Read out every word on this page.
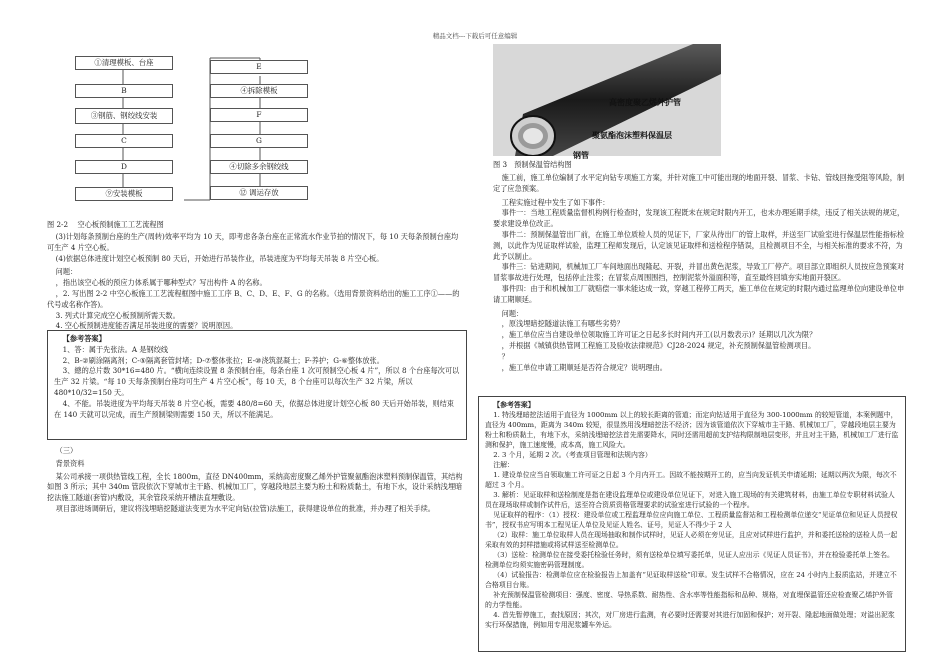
精品文档---下载后可任意编辑
①清理模板、台座
B
③钢筋、钢绞线安装
C
D
⑨安装模板
E
④拆除模板
F
G
④切除多余钢绞线
⑫ 调运存放
图 2-2　 空心板预制施工工艺流程图

(3)计划每条预制台座的生产(周转)效率平均为 10 天，即考虑各条台座在正常流水作业节拍的情况下，每 10 天每条预制台座均可生产 4 片空心板。

(4)依据总体进度计划空心板预制 80 天后，开始进行吊装作业，吊装进度为平均每天吊装 8 片空心板。

问题：

，指出该空心板的预应力体系属于哪种型式？写出构件 A 的名称。

，2. 写出图 2-2 中空心板施工工艺流程框图中施工工序 B、C、D、E、F、G 的名称。（选用背景资料给出的施工工序①——的代号或名称作答)。

3. 列式计算完成空心板预制所需天数。

4. 空心板预制进度能否满足吊装进度的需要？说明原因。

【参考答案】

1、答：属于先张法。A 是钢绞线

2、B-②刷涂隔离剂；C-⑤隔离套管封堵；D-⑦整体张拉；E-⑩浇筑混凝土；F-养护；G-⑥整体放张。

3、總的总片数 30*16=480 片。“横向连续设置 8 条预制台座，每条台座 1 次可预制空心板 4 片”，所以 8 个台座每次可以生产 32 片梁。“每 10 天每条预制台座均可生产 4 片空心板”，每 10 天，8 个台座可以每次生产 32 片梁，所以 480*10/32=150 天。

4、不能。吊装进度为平均每天吊装 8 片空心板，需要 480/8=60 天，依据总体进度计划空心板 80 天后开始吊装，则结束在 140 天就可以完成，而生产预制梁则需要 150 天，所以不能满足。

（三）

背景资料

某公司承接一项供热管线工程，全长 1800m，直径 DN400mm，采纳高密度聚乙烯外护管聚氨酯泡沫塑料预制保温管，其结构如图 3 所示；其中 340m 管段依次下穿城市主干路、机械加工厂，穿越段地层主要为粉土和粉质黏土，有地下水，设计采纳浅埋暗挖法施工隧道(套管)内敷设，其余管段采纳开槽法直埋敷设。

项目部进场调研后，建议将浅埋暗挖隧道法变更为水平定向钻(拉管)法施工，获得建设单位的批准，并办理了相关手续。

高密度聚乙烯外护管
聚氨酯泡沫塑料保温层
钢管
图 3　预制保温管结构图

施工前，施工单位编制了水平定向钻专项施工方案，并针对施工中可能出现的地面开裂、冒浆、卡钻、管线回拖受阻等风险，制定了应急预案。

工程实施过程中发生了如下事件：

事件一：当地工程质量监督机构例行检查时，发现该工程既未在规定时限内开工，也未办理延期手续，违反了相关法规的规定，要求建设单位改正。

事件二：预制保温管出厂前，在施工单位质检人员的见证下，厂家从待出厂的管上取样，并送至厂试验室进行保温层性能指标检测，以此作为见证取样试验，监理工程师发现后，认定该见证取样和送检程序错误，且检测项目不全，与相关标准的要求不符，为此予以制止。

事件三：钻进期间，机械加工厂车间地面出现隆起、开裂，并冒出黄色泥浆，导致工厂停产。项目部立即组织人员按应急预案对冒浆事故进行处理，包括停止注浆；在冒浆点周围围挡，控制泥浆外溢面积等，直至最终回填夯实地面开裂区。

事件四：由于和机械加工厂就赔偿一事未能达成一致，穿越工程停工两天，施工单位在规定的时限内通过监理单位向建设单位申请工期顺延。

问题：

，原浅埋暗挖隧道法施工有哪些劣势？

，施工单位应当自建设单位领取施工许可证之日起多长时间内开工(以月数表示)？延期以几次为限？

，并根据《城镇供热管网工程施工及验收法律规范》CJ28-2024 规定，补充预制保温管检测项目。

？

，施工单位申请工期顺延是否符合规定？说明理由。

【参考答案】

1. 特浅埋暗挖法适用于直径为 1000mm 以上的较长距离的管道；而定向钻适用于直径为 300-1000mm 的较短管道，本案例题中，直径为 400mm，距离为 340m 较短，很显然用浅埋暗挖法不经济；因为该管道依次下穿城市主干路、机械加工厂，穿越段地层主要为粉土和粉质黏土，有地下水，采纳浅埋暗挖法首先需要降水，同时还需用超前支护结构限制地层变形，并且对主干路，机械加工厂进行监测和保护，施工速度慢，成本高，施工风险大。

2. 3 个月，延期 2 次。（考查项目管理和法规内容）

注解：

1. 建设单位应当自领取施工许可证之日起 3 个月内开工。因故不能按期开工的，应当向发证机关申请延期；延期以两次为限，每次不超过 3 个月。

3. 解析：见证取样和送检制度是指在建设监理单位或建设单位见证下，对进入施工现场的有关建筑材料，由施工单位专职材料试验人员在现场取样或制作试件后，送至符合资质资格管理要求的试验室进行试验的一个程序。

见证取样的程序：（1）授权：建设单位或工程监理单位应向施工单位、工程质量监督站和工程检测单位递交“见证单位和见证人员授权书”，授权书应写明本工程见证人单位及见证人姓名、证号，见证人不得少于 2 人

（2）取样：施工单位取样人员在现场抽取和制作试样时，见证人必须在旁见证，且应对试样进行监护，并和委托送检的送检人员一起采取有效的封样措施或将试样送至检测单位。

（3）送检：检测单位在接受委托检验任务时，须有送检单位填写委托单，见证人应出示《见证人员证书》，并在检验委托单上签名。检测单位均须实施密码管理制度。

（4）试验报告：检测单位应在检验报告上加盖有“见证取样送检”印章。发生试样不合格情况，应在 24 小时内上报质监站，并建立不合格项目台账。

补充预制保温管检测项目：强度、密度、导热系数、耐热性、含水率等性能指标和品种、规格，对直埋保温管还应检查聚乙烯护外管的力学性能。

4. 首先暂停施工，查找原因；其次，对厂房进行监测，有必要时还需要对其进行加固和保护；对开裂、隆起地面做处理；对溢出泥浆实行环保措施，例如用专用泥浆罐车外运。
